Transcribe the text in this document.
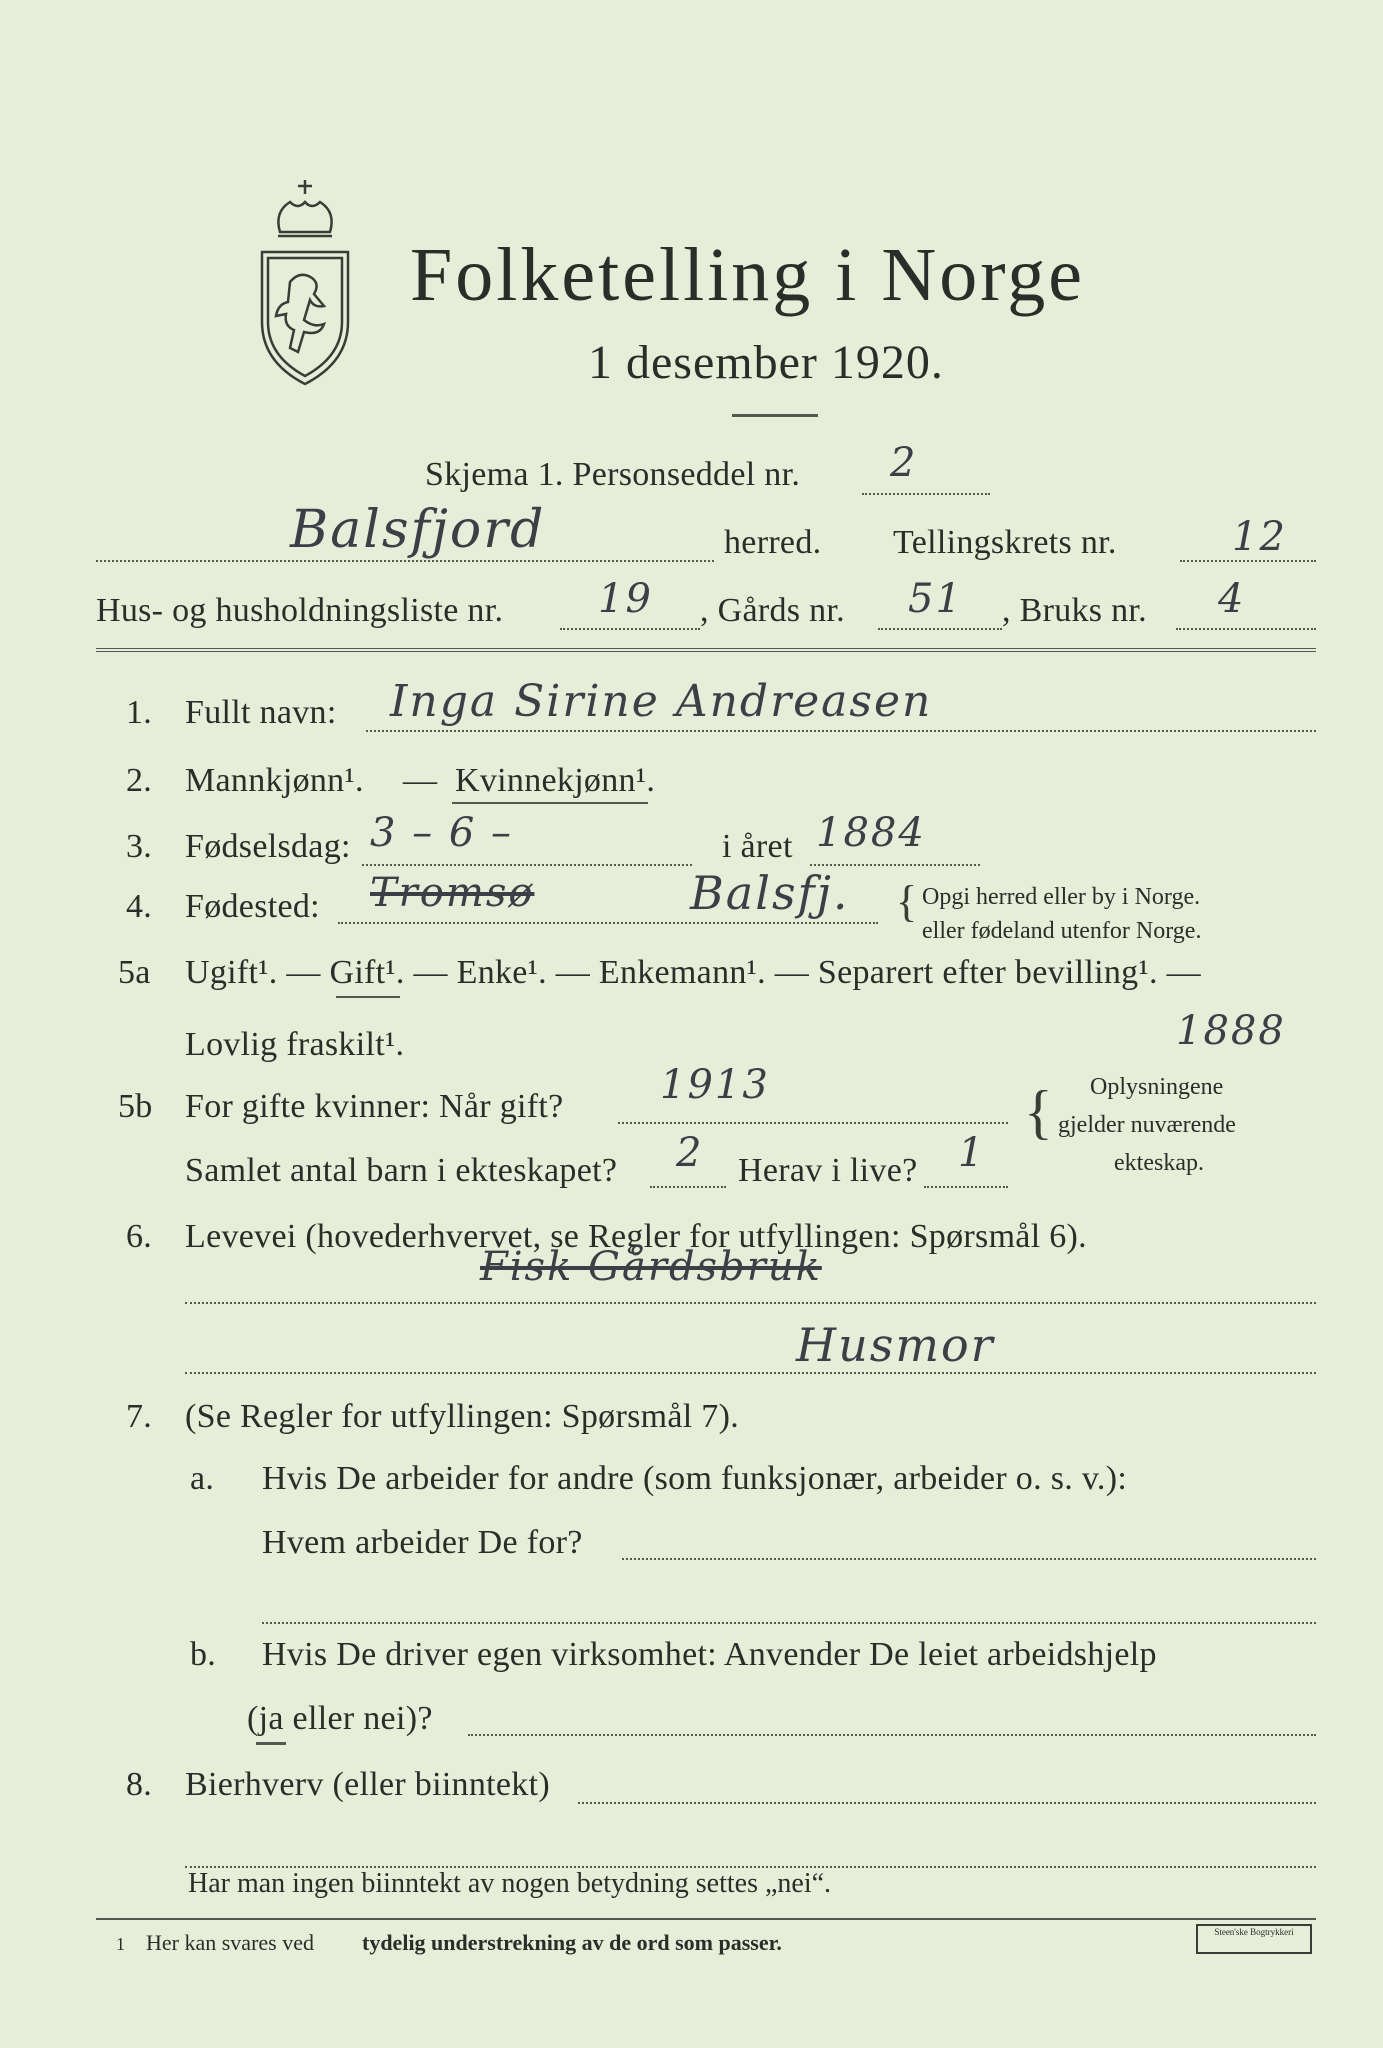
Folketelling i Norge
1 desember 1920.
Skjema 1. Personseddel nr. 2
Balsfjord	herred. Tellingskrets nr.	12
Hus- og husholdningsliste nr. 19 , Gårds nr. 51 , Bruks nr. 4
1. Fullt navn: Inga Sirine Andreasen
2. Mannkjønn¹. — Kvinnekjønn¹.
3. Fødselsdag: 3 – 6 –	i året 1884
4. Fødested: Tromsø	Balsfj. { Opgi herred eller by i Norge.
eller fødeland utenfor Norge.
5a Ugift¹. — Gift¹. — Enke¹. — Enkemann¹. — Separert efter bevilling¹. —
Lovlig fraskilt¹.	1888
5b For gifte kvinner: Når gift? 1913
Samlet antal barn i ekteskapet? 2 Herav i live? 1
{ Oplysningene
gjelder nuværende
ekteskap.
6. Levevei (hovederhvervet, se Regler for utfyllingen: Spørsmål 6).
Fisk Gårdsbruk
Husmor
7. (Se Regler for utfyllingen: Spørsmål 7).
a. Hvis De arbeider for andre (som funksjonær, arbeider o. s. v.):
Hvem arbeider De for?
b. Hvis De driver egen virksomhet: Anvender De leiet arbeidshjelp
(ja eller nei)?
8. Bierhverv (eller biinntekt)
Har man ingen biinntekt av nogen betydning settes „nei“.
1 Her kan svares ved tydelig understrekning av de ord som passer.	Steen'ske Bogtrykkeri
